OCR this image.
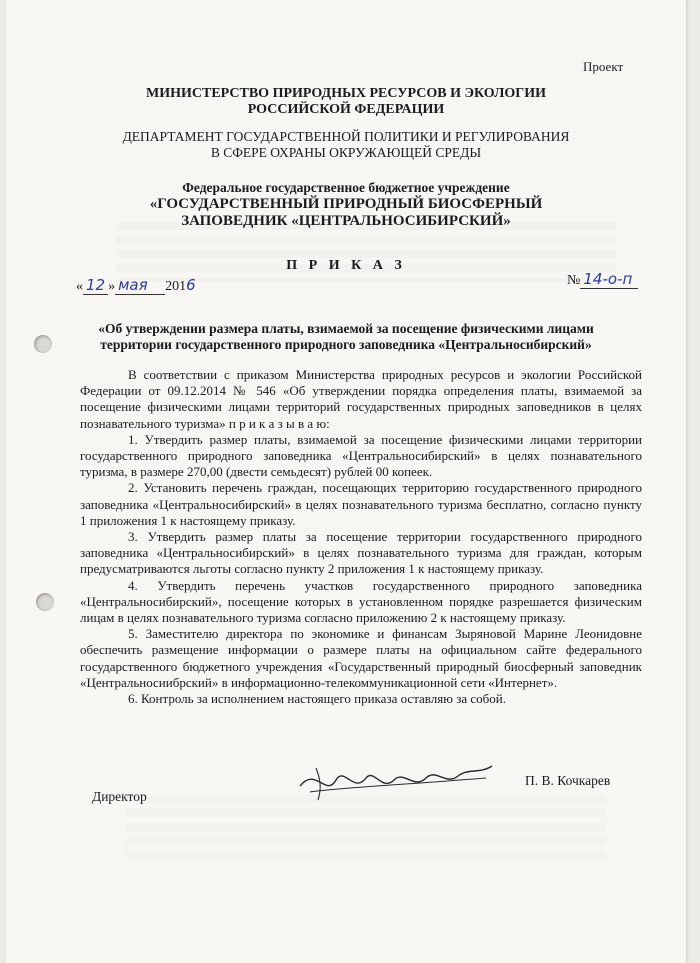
Проект
МИНИСТЕРСТВО ПРИРОДНЫХ РЕСУРСОВ И ЭКОЛОГИИ
РОССИЙСКОЙ ФЕДЕРАЦИИ
ДЕПАРТАМЕНТ ГОСУДАРСТВЕННОЙ ПОЛИТИКИ И РЕГУЛИРОВАНИЯ
В СФЕРЕ ОХРАНЫ ОКРУЖАЮЩЕЙ СРЕДЫ
Федеральное государственное бюджетное учреждение
«ГОСУДАРСТВЕННЫЙ ПРИРОДНЫЙ БИОСФЕРНЫЙ
ЗАПОВЕДНИК «ЦЕНТРАЛЬНОСИБИРСКИЙ»
П Р И К А З
« 12 » мая 2016	№ 14-о-п
«Об утверждении размера платы, взимаемой за посещение физическими лицами
территории государственного природного заповедника «Центральносибирский»

В соответствии с приказом Министерства природных ресурсов и экологии Российской Федерации от 09.12.2014 № 546 «Об утверждении порядка определения платы, взимаемой за посещение физическими лицами территорий государственных природных заповедников в целях познавательного туризма» п р и к а з ы в а ю:

1. Утвердить размер платы, взимаемой за посещение физическими лицами территории государственного природного заповедника «Центральносибирский» в целях познавательного туризма, в размере 270,00 (двести семьдесят) рублей 00 копеек.

2. Установить перечень граждан, посещающих территорию государственного природного заповедника «Центральносибирский» в целях познавательного туризма бесплатно, согласно пункту 1 приложения 1 к настоящему приказу.

3. Утвердить размер платы за посещение территории государственного природного заповедника «Центральносибирский» в целях познавательного туризма для граждан, которым предусматриваются льготы согласно пункту 2 приложения 1 к настоящему приказу.

4. Утвердить перечень участков государственного природного заповедника «Центральносибирский», посещение которых в установленном порядке разрешается физическим лицам в целях познавательного туризма согласно приложению 2 к настоящему приказу.

5. Заместителю директора по экономике и финансам Зыряновой Марине Леонидовне обеспечить размещение информации о размере платы на официальном сайте федерального государственного бюджетного учреждения «Государственный природный биосферный заповедник «Центральносиибрский» в информационно-телекоммуникационной сети «Интернет».

6. Контроль за исполнением настоящего приказа оставляю за собой.

Директор
П. В. Кочкарев
